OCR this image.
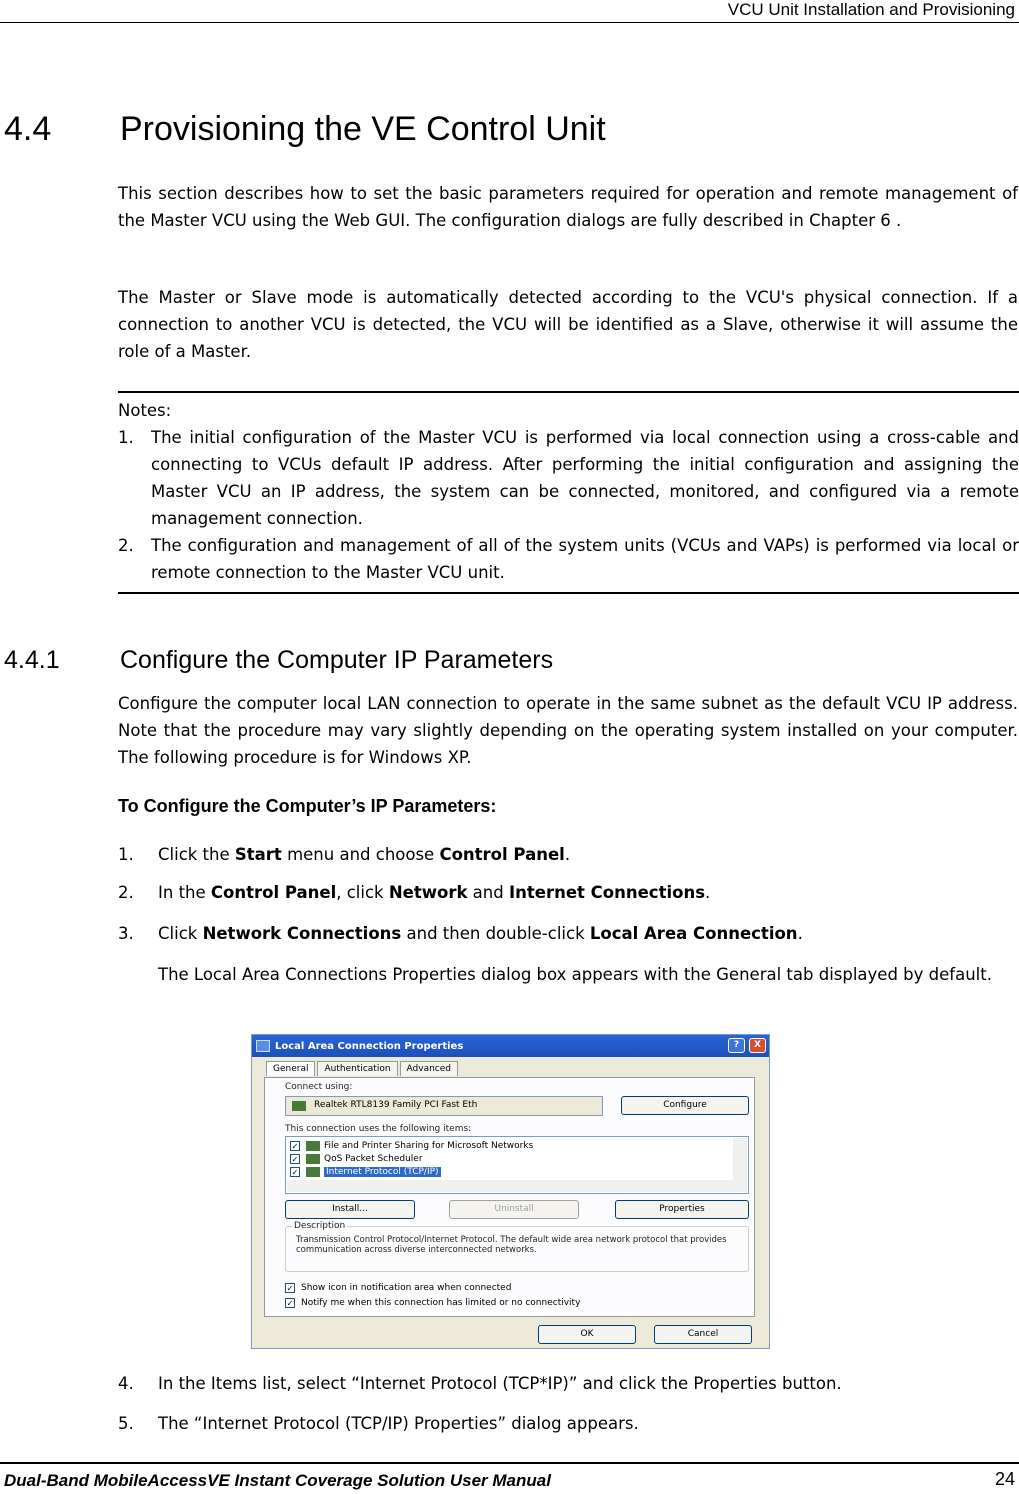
VCU Unit Installation and Provisioning
4.4 Provisioning the VE Control Unit

This section describes how to set the basic parameters required for operation and remote management of the Master VCU using the Web GUI. The configuration dialogs are fully described in Chapter 6 .

The Master or Slave mode is automatically detected according to the VCU's physical connection. If a connection to another VCU is detected, the VCU will be identified as a Slave, otherwise it will assume the role of a Master.

Notes:
1.	The initial configuration of the Master VCU is performed via local connection using a cross-cable and connecting to VCUs default IP address. After performing the initial configuration and assigning the Master VCU an IP address, the system can be connected, monitored, and configured via a remote management connection.
2.	The configuration and management of all of the system units (VCUs and VAPs) is performed via local or remote connection to the Master VCU unit.
4.4.1 Configure the Computer IP Parameters

Configure the computer local LAN connection to operate in the same subnet as the default VCU IP address. Note that the procedure may vary slightly depending on the operating system installed on your computer. The following procedure is for Windows XP.

To Configure the Computer’s IP Parameters:
1.	Click the Start menu and choose Control Panel.
2.	In the Control Panel, click Network and Internet Connections.
3.	Click Network Connections and then double-click Local Area Connection.

The Local Area Connections Properties dialog box appears with the General tab displayed by default.

Local Area Connection Properties	?	X
General	Authentication	Advanced
Connect using:
Realtek RTL8139 Family PCI Fast Eth	Configure
This connection uses the following items:
✓	File and Printer Sharing for Microsoft Networks
✓	QoS Packet Scheduler
✓	Internet Protocol (TCP/IP)
Install...	Uninstall	Properties
Description
Transmission Control Protocol/Internet Protocol. The default wide area network protocol that provides communication across diverse interconnected networks.
✓ Show icon in notification area when connected
✓ Notify me when this connection has limited or no connectivity
OK	Cancel
4.	In the Items list, select “Internet Protocol (TCP*IP)” and click the Properties button.
5.	The “Internet Protocol (TCP/IP) Properties” dialog appears.
Dual-Band MobileAccessVE Instant Coverage Solution User Manual	24
